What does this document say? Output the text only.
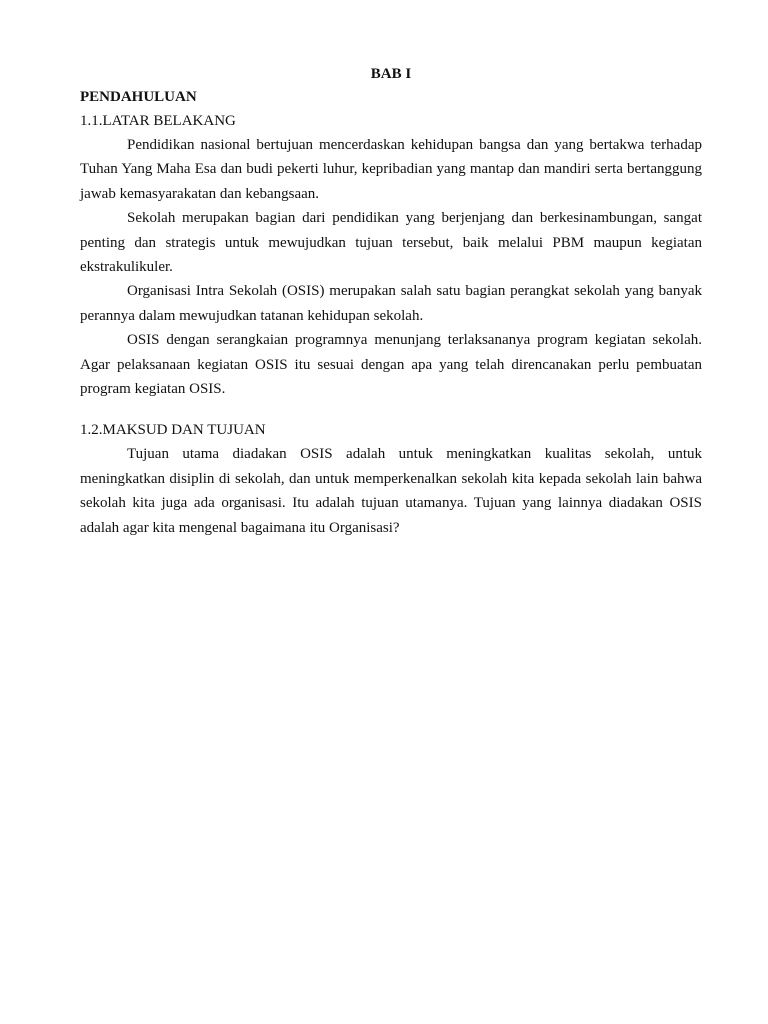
BAB I

PENDAHULUAN

1.1.LATAR BELAKANG

Pendidikan nasional bertujuan mencerdaskan kehidupan bangsa dan yang bertakwa terhadap Tuhan Yang Maha Esa dan budi pekerti luhur, kepribadian yang mantap dan mandiri serta bertanggung jawab kemasyarakatan dan kebangsaan.

Sekolah merupakan bagian dari pendidikan yang berjenjang dan berkesinambungan, sangat penting dan strategis untuk mewujudkan tujuan tersebut, baik melalui PBM maupun kegiatan ekstrakulikuler.

Organisasi Intra Sekolah (OSIS) merupakan salah satu bagian perangkat sekolah yang banyak perannya dalam mewujudkan tatanan kehidupan sekolah.

OSIS dengan serangkaian programnya menunjang terlaksananya program kegiatan sekolah. Agar pelaksanaan kegiatan OSIS itu sesuai dengan apa yang telah direncanakan perlu pembuatan program kegiatan OSIS.

1.2.MAKSUD DAN TUJUAN

Tujuan utama diadakan OSIS adalah untuk meningkatkan kualitas sekolah, untuk meningkatkan disiplin di sekolah, dan untuk memperkenalkan sekolah kita kepada sekolah lain bahwa sekolah kita juga ada organisasi. Itu adalah tujuan utamanya. Tujuan yang lainnya diadakan OSIS adalah agar kita mengenal bagaimana itu Organisasi?
